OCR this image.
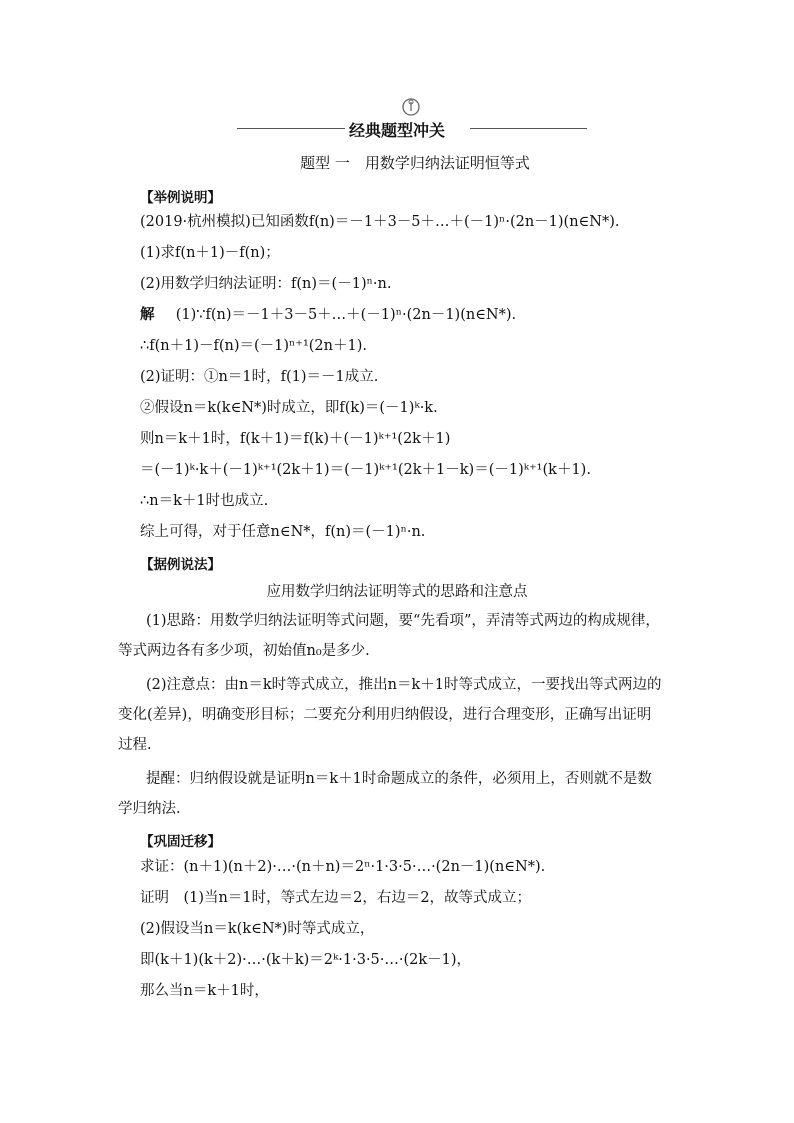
经典题型冲关
题型 一　用数学归纳法证明恒等式
【举例说明】
(2019·杭州模拟)已知函数f(n)＝－1＋3－5＋…＋(－1)ⁿ·(2n－1)(n∈N*).
(1)求f(n＋1)－f(n)；
(2)用数学归纳法证明：f(n)＝(－1)ⁿ·n.
解 (1)∵f(n)＝－1＋3－5＋…＋(－1)ⁿ·(2n－1)(n∈N*).
∴f(n＋1)－f(n)＝(－1)ⁿ⁺¹(2n＋1).
(2)证明：①n＝1时，f(1)＝－1成立.
②假设n＝k(k∈N*)时成立，即f(k)＝(－1)ᵏ·k.
则n＝k＋1时，f(k＋1)＝f(k)＋(－1)ᵏ⁺¹(2k＋1)
＝(－1)ᵏ·k＋(－1)ᵏ⁺¹(2k＋1)＝(－1)ᵏ⁺¹(2k＋1－k)＝(－1)ᵏ⁺¹(k＋1).
∴n＝k＋1时也成立.
综上可得，对于任意n∈N*，f(n)＝(－1)ⁿ·n.
【据例说法】
应用数学归纳法证明等式的思路和注意点
(1)思路：用数学归纳法证明等式问题，要“先看项”，弄清等式两边的构成规律，等式两边各有多少项，初始值n₀是多少.
(2)注意点：由n＝k时等式成立，推出n＝k＋1时等式成立，一要找出等式两边的变化(差异)，明确变形目标；二要充分利用归纳假设，进行合理变形，正确写出证明过程.
提醒：归纳假设就是证明n＝k＋1时命题成立的条件，必须用上，否则就不是数学归纳法.
【巩固迁移】
求证：(n＋1)(n＋2)·…·(n＋n)＝2ⁿ·1·3·5·…·(2n－1)(n∈N*).
证明　(1)当n＝1时，等式左边＝2，右边＝2，故等式成立；
(2)假设当n＝k(k∈N*)时等式成立，
即(k＋1)(k＋2)·…·(k＋k)＝2ᵏ·1·3·5·…·(2k－1)，
那么当n＝k＋1时，
